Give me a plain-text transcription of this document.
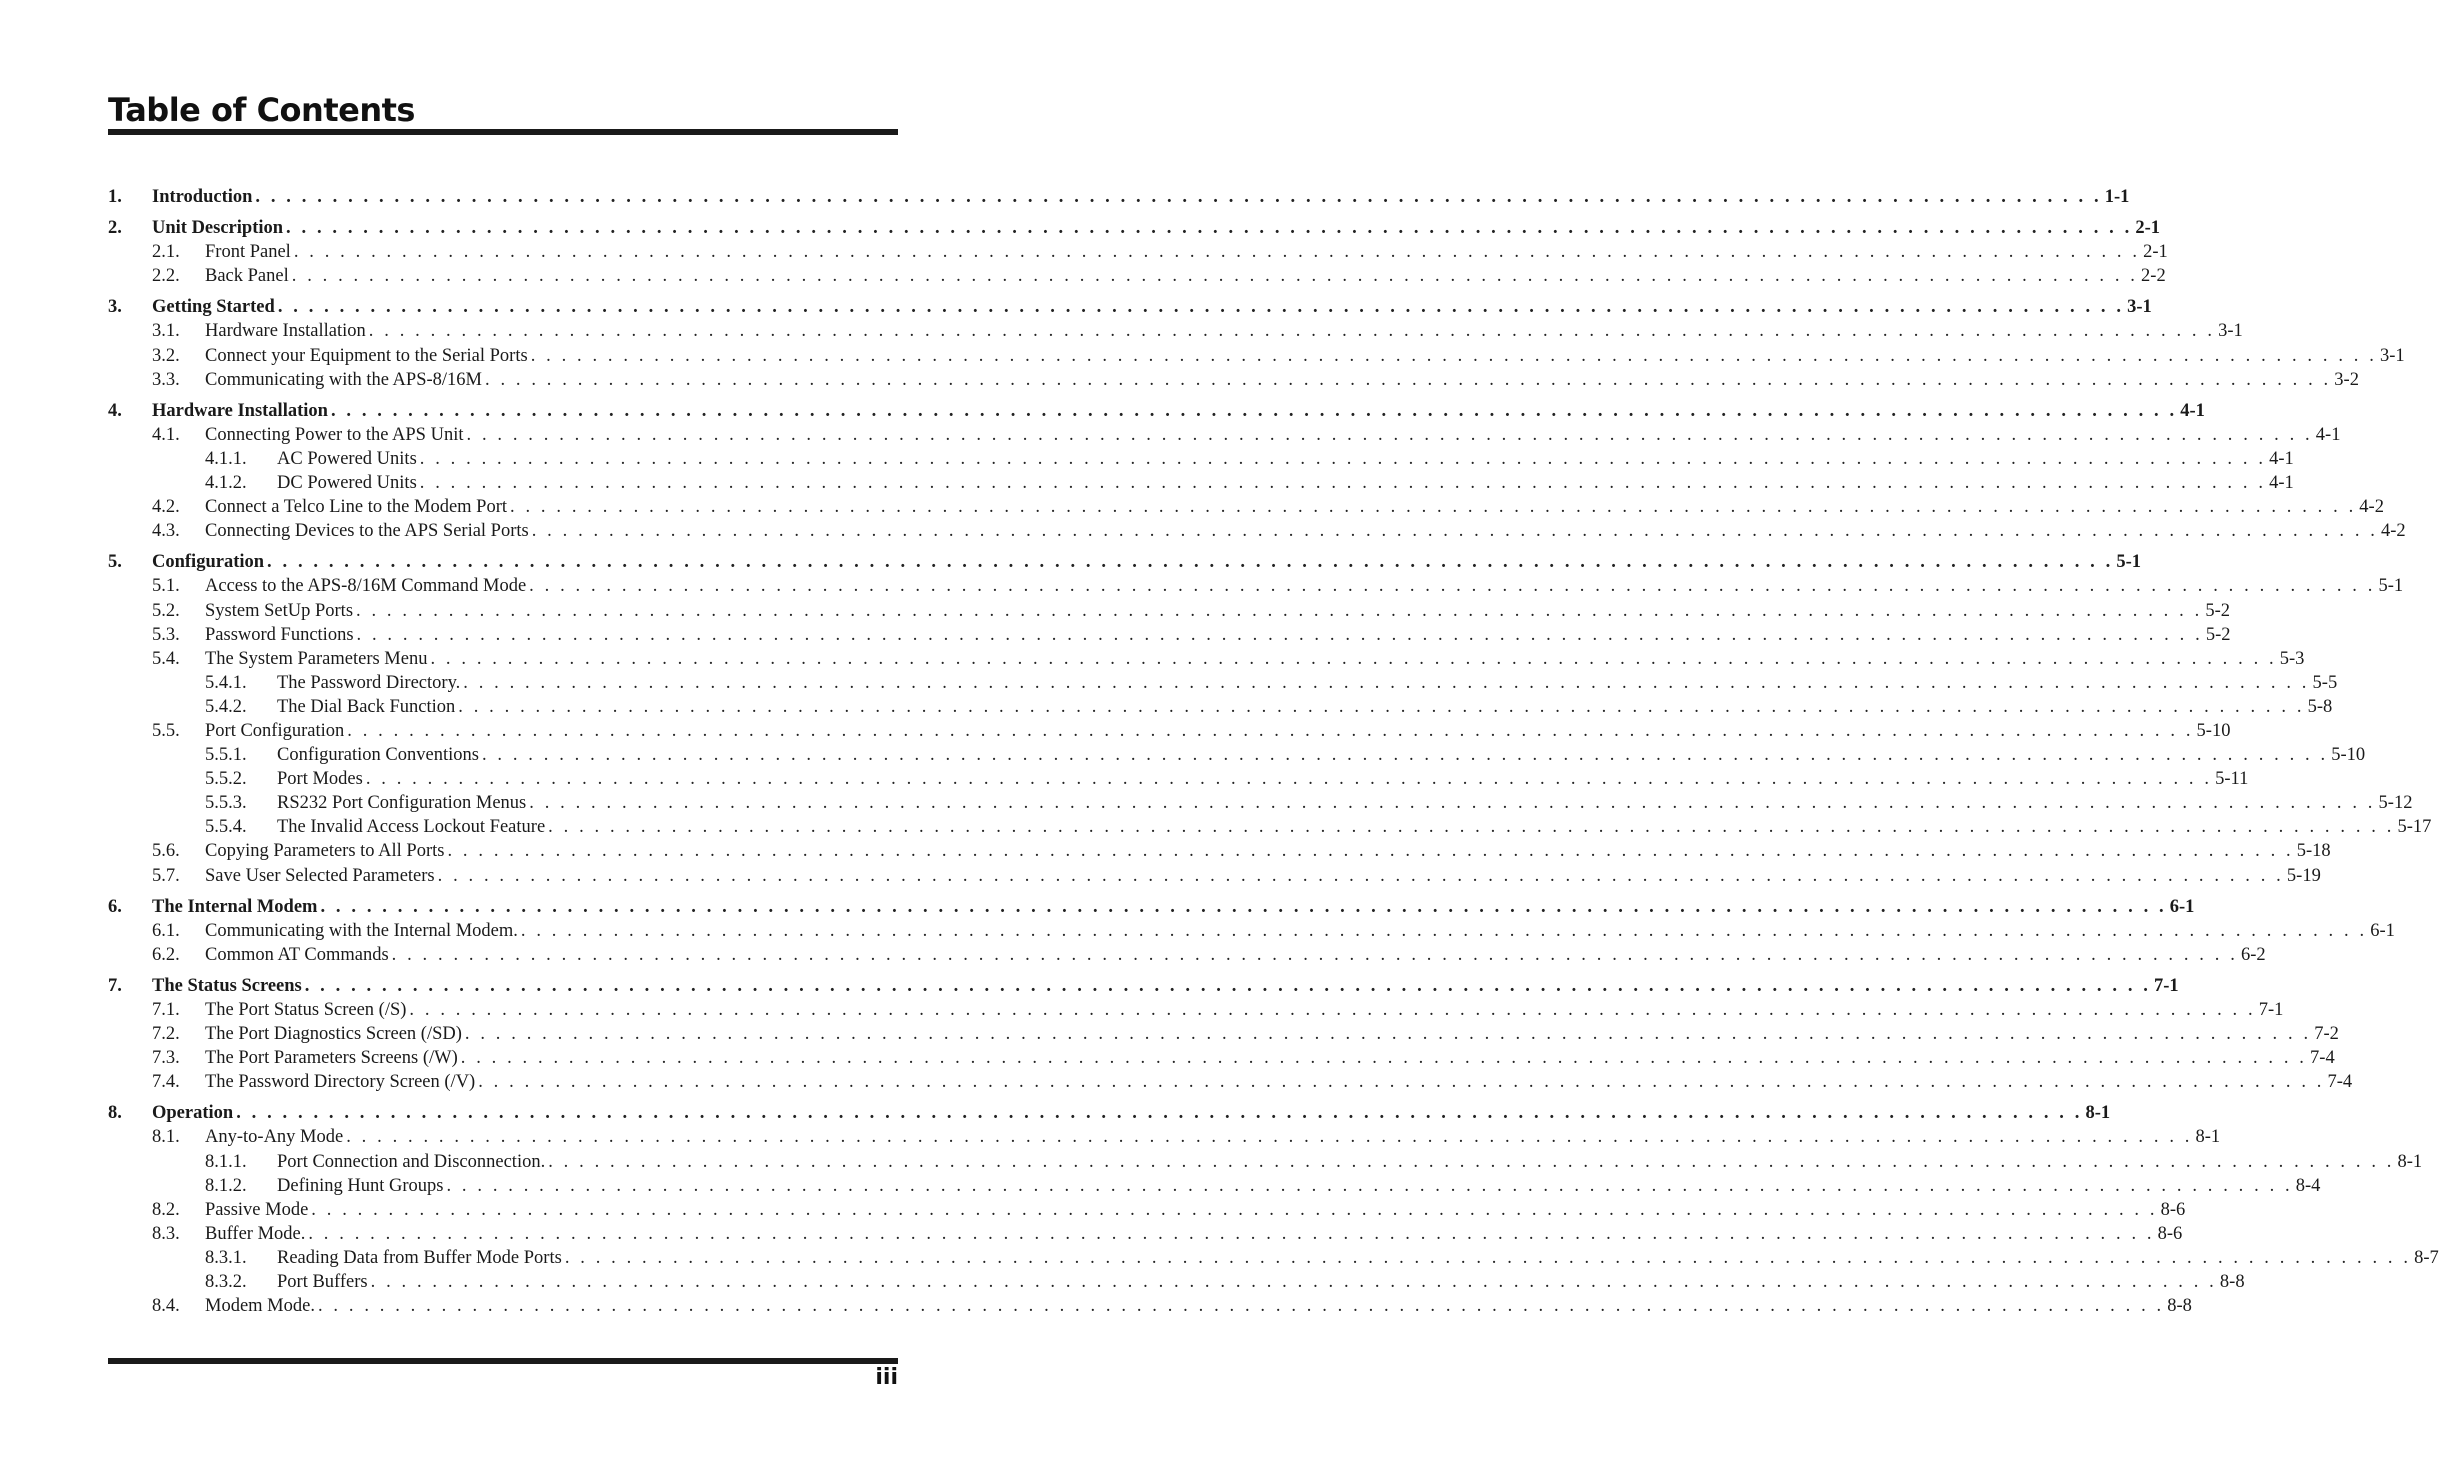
Table of Contents
1. Introduction . . . . . . . . . . . . . . . . . . . . . . . . . . . . . . . . . . . . . . . . . . . . . . . . . . . . . . . . . . . . . . . . . . . . . . . . . . . . . . . . . . . . . . . . . . . . . . . . . . . . . . . . . . . . . . . . . . . . . . . . 1-1
2. Unit Description . . . . . . . . . . . . . . . . . . . . . . . . . . . . . . . . . . . . . . . . . . . . . . . . . . . . . . . . . . . . . . . . . . . . . . . . . . . . . . . . . . . . . . . . . . . . . . . . . . . . . . . . . . . . . . . . . . . . . . . . 2-1
2.1. Front Panel . . . . . . . . . . . . . . . . . . . . . . . . . . . . . . . . . . . . . . . . . . . . . . . . . . . . . . . . . . . . . . . . . . . . . . . . . . . . . . . . . . . . . . . . . . . . . . . . . . . . . . . . . . . . . . . . . . . . . . . . 2-1
2.2. Back Panel . . . . . . . . . . . . . . . . . . . . . . . . . . . . . . . . . . . . . . . . . . . . . . . . . . . . . . . . . . . . . . . . . . . . . . . . . . . . . . . . . . . . . . . . . . . . . . . . . . . . . . . . . . . . . . . . . . . . . . . . 2-2
3. Getting Started . . . . . . . . . . . . . . . . . . . . . . . . . . . . . . . . . . . . . . . . . . . . . . . . . . . . . . . . . . . . . . . . . . . . . . . . . . . . . . . . . . . . . . . . . . . . . . . . . . . . . . . . . . . . . . . . . . . . . . . . 3-1
3.1. Hardware Installation . . . . . . . . . . . . . . . . . . . . . . . . . . . . . . . . . . . . . . . . . . . . . . . . . . . . . . . . . . . . . . . . . . . . . . . . . . . . . . . . . . . . . . . . . . . . . . . . . . . . . . . . . . . . . . . . . . . . . . . . 3-1
3.2. Connect your Equipment to the Serial Ports . . . . . . . . . . . . . . . . . . . . . . . . . . . . . . . . . . . . . . . . . . . . . . . . . . . . . . . . . . . . . . . . . . . . . . . . . . . . . . . . . . . . . . . . . . . . . . . . . . . . . . . . . . . . . . . . . . . . . . . . 3-1
3.3. Communicating with the APS-8/16M . . . . . . . . . . . . . . . . . . . . . . . . . . . . . . . . . . . . . . . . . . . . . . . . . . . . . . . . . . . . . . . . . . . . . . . . . . . . . . . . . . . . . . . . . . . . . . . . . . . . . . . . . . . . . . . . . . . . . . . . 3-2
4. Hardware Installation . . . . . . . . . . . . . . . . . . . . . . . . . . . . . . . . . . . . . . . . . . . . . . . . . . . . . . . . . . . . . . . . . . . . . . . . . . . . . . . . . . . . . . . . . . . . . . . . . . . . . . . . . . . . . . . . . . . . . . . . 4-1
4.1. Connecting Power to the APS Unit . . . . . . . . . . . . . . . . . . . . . . . . . . . . . . . . . . . . . . . . . . . . . . . . . . . . . . . . . . . . . . . . . . . . . . . . . . . . . . . . . . . . . . . . . . . . . . . . . . . . . . . . . . . . . . . . . . . . . . . . 4-1
4.1.1. AC Powered Units . . . . . . . . . . . . . . . . . . . . . . . . . . . . . . . . . . . . . . . . . . . . . . . . . . . . . . . . . . . . . . . . . . . . . . . . . . . . . . . . . . . . . . . . . . . . . . . . . . . . . . . . . . . . . . . . . . . . . . . . 4-1
4.1.2. DC Powered Units . . . . . . . . . . . . . . . . . . . . . . . . . . . . . . . . . . . . . . . . . . . . . . . . . . . . . . . . . . . . . . . . . . . . . . . . . . . . . . . . . . . . . . . . . . . . . . . . . . . . . . . . . . . . . . . . . . . . . . . . 4-1
4.2. Connect a Telco Line to the Modem Port . . . . . . . . . . . . . . . . . . . . . . . . . . . . . . . . . . . . . . . . . . . . . . . . . . . . . . . . . . . . . . . . . . . . . . . . . . . . . . . . . . . . . . . . . . . . . . . . . . . . . . . . . . . . . . . . . . . . . . . . 4-2
4.3. Connecting Devices to the APS Serial Ports . . . . . . . . . . . . . . . . . . . . . . . . . . . . . . . . . . . . . . . . . . . . . . . . . . . . . . . . . . . . . . . . . . . . . . . . . . . . . . . . . . . . . . . . . . . . . . . . . . . . . . . . . . . . . . . . . . . . . . . . 4-2
5. Configuration . . . . . . . . . . . . . . . . . . . . . . . . . . . . . . . . . . . . . . . . . . . . . . . . . . . . . . . . . . . . . . . . . . . . . . . . . . . . . . . . . . . . . . . . . . . . . . . . . . . . . . . . . . . . . . . . . . . . . . . . 5-1
5.1. Access to the APS-8/16M Command Mode . . . . . . . . . . . . . . . . . . . . . . . . . . . . . . . . . . . . . . . . . . . . . . . . . . . . . . . . . . . . . . . . . . . . . . . . . . . . . . . . . . . . . . . . . . . . . . . . . . . . . . . . . . . . . . . . . . . . . . . . 5-1
5.2. System SetUp Ports . . . . . . . . . . . . . . . . . . . . . . . . . . . . . . . . . . . . . . . . . . . . . . . . . . . . . . . . . . . . . . . . . . . . . . . . . . . . . . . . . . . . . . . . . . . . . . . . . . . . . . . . . . . . . . . . . . . . . . . . 5-2
5.3. Password Functions . . . . . . . . . . . . . . . . . . . . . . . . . . . . . . . . . . . . . . . . . . . . . . . . . . . . . . . . . . . . . . . . . . . . . . . . . . . . . . . . . . . . . . . . . . . . . . . . . . . . . . . . . . . . . . . . . . . . . . . . 5-2
5.4. The System Parameters Menu . . . . . . . . . . . . . . . . . . . . . . . . . . . . . . . . . . . . . . . . . . . . . . . . . . . . . . . . . . . . . . . . . . . . . . . . . . . . . . . . . . . . . . . . . . . . . . . . . . . . . . . . . . . . . . . . . . . . . . . . 5-3
5.4.1. The Password Directory. . . . . . . . . . . . . . . . . . . . . . . . . . . . . . . . . . . . . . . . . . . . . . . . . . . . . . . . . . . . . . . . . . . . . . . . . . . . . . . . . . . . . . . . . . . . . . . . . . . . . . . . . . . . . . . . . . . . . . . . . 5-5
5.4.2. The Dial Back Function . . . . . . . . . . . . . . . . . . . . . . . . . . . . . . . . . . . . . . . . . . . . . . . . . . . . . . . . . . . . . . . . . . . . . . . . . . . . . . . . . . . . . . . . . . . . . . . . . . . . . . . . . . . . . . . . . . . . . . . . 5-8
5.5. Port Configuration . . . . . . . . . . . . . . . . . . . . . . . . . . . . . . . . . . . . . . . . . . . . . . . . . . . . . . . . . . . . . . . . . . . . . . . . . . . . . . . . . . . . . . . . . . . . . . . . . . . . . . . . . . . . . . . . . . . . . . . . 5-10
5.5.1. Configuration Conventions . . . . . . . . . . . . . . . . . . . . . . . . . . . . . . . . . . . . . . . . . . . . . . . . . . . . . . . . . . . . . . . . . . . . . . . . . . . . . . . . . . . . . . . . . . . . . . . . . . . . . . . . . . . . . . . . . . . . . . . . 5-10
5.5.2. Port Modes . . . . . . . . . . . . . . . . . . . . . . . . . . . . . . . . . . . . . . . . . . . . . . . . . . . . . . . . . . . . . . . . . . . . . . . . . . . . . . . . . . . . . . . . . . . . . . . . . . . . . . . . . . . . . . . . . . . . . . . . 5-11
5.5.3. RS232 Port Configuration Menus . . . . . . . . . . . . . . . . . . . . . . . . . . . . . . . . . . . . . . . . . . . . . . . . . . . . . . . . . . . . . . . . . . . . . . . . . . . . . . . . . . . . . . . . . . . . . . . . . . . . . . . . . . . . . . . . . . . . . . . . 5-12
5.5.4. The Invalid Access Lockout Feature . . . . . . . . . . . . . . . . . . . . . . . . . . . . . . . . . . . . . . . . . . . . . . . . . . . . . . . . . . . . . . . . . . . . . . . . . . . . . . . . . . . . . . . . . . . . . . . . . . . . . . . . . . . . . . . . . . . . . . . . 5-17
5.6. Copying Parameters to All Ports . . . . . . . . . . . . . . . . . . . . . . . . . . . . . . . . . . . . . . . . . . . . . . . . . . . . . . . . . . . . . . . . . . . . . . . . . . . . . . . . . . . . . . . . . . . . . . . . . . . . . . . . . . . . . . . . . . . . . . . . 5-18
5.7. Save User Selected Parameters . . . . . . . . . . . . . . . . . . . . . . . . . . . . . . . . . . . . . . . . . . . . . . . . . . . . . . . . . . . . . . . . . . . . . . . . . . . . . . . . . . . . . . . . . . . . . . . . . . . . . . . . . . . . . . . . . . . . . . . . 5-19
6. The Internal Modem . . . . . . . . . . . . . . . . . . . . . . . . . . . . . . . . . . . . . . . . . . . . . . . . . . . . . . . . . . . . . . . . . . . . . . . . . . . . . . . . . . . . . . . . . . . . . . . . . . . . . . . . . . . . . . . . . . . . . . . . 6-1
6.1. Communicating with the Internal Modem. . . . . . . . . . . . . . . . . . . . . . . . . . . . . . . . . . . . . . . . . . . . . . . . . . . . . . . . . . . . . . . . . . . . . . . . . . . . . . . . . . . . . . . . . . . . . . . . . . . . . . . . . . . . . . . . . . . . . . . . . 6-1
6.2. Common AT Commands . . . . . . . . . . . . . . . . . . . . . . . . . . . . . . . . . . . . . . . . . . . . . . . . . . . . . . . . . . . . . . . . . . . . . . . . . . . . . . . . . . . . . . . . . . . . . . . . . . . . . . . . . . . . . . . . . . . . . . . . 6-2
7. The Status Screens . . . . . . . . . . . . . . . . . . . . . . . . . . . . . . . . . . . . . . . . . . . . . . . . . . . . . . . . . . . . . . . . . . . . . . . . . . . . . . . . . . . . . . . . . . . . . . . . . . . . . . . . . . . . . . . . . . . . . . . . 7-1
7.1. The Port Status Screen (/S) . . . . . . . . . . . . . . . . . . . . . . . . . . . . . . . . . . . . . . . . . . . . . . . . . . . . . . . . . . . . . . . . . . . . . . . . . . . . . . . . . . . . . . . . . . . . . . . . . . . . . . . . . . . . . . . . . . . . . . . . 7-1
7.2. The Port Diagnostics Screen (/SD) . . . . . . . . . . . . . . . . . . . . . . . . . . . . . . . . . . . . . . . . . . . . . . . . . . . . . . . . . . . . . . . . . . . . . . . . . . . . . . . . . . . . . . . . . . . . . . . . . . . . . . . . . . . . . . . . . . . . . . . . 7-2
7.3. The Port Parameters Screens (/W) . . . . . . . . . . . . . . . . . . . . . . . . . . . . . . . . . . . . . . . . . . . . . . . . . . . . . . . . . . . . . . . . . . . . . . . . . . . . . . . . . . . . . . . . . . . . . . . . . . . . . . . . . . . . . . . . . . . . . . . . 7-4
7.4. The Password Directory Screen (/V) . . . . . . . . . . . . . . . . . . . . . . . . . . . . . . . . . . . . . . . . . . . . . . . . . . . . . . . . . . . . . . . . . . . . . . . . . . . . . . . . . . . . . . . . . . . . . . . . . . . . . . . . . . . . . . . . . . . . . . . . 7-4
8. Operation . . . . . . . . . . . . . . . . . . . . . . . . . . . . . . . . . . . . . . . . . . . . . . . . . . . . . . . . . . . . . . . . . . . . . . . . . . . . . . . . . . . . . . . . . . . . . . . . . . . . . . . . . . . . . . . . . . . . . . . . 8-1
8.1. Any-to-Any Mode . . . . . . . . . . . . . . . . . . . . . . . . . . . . . . . . . . . . . . . . . . . . . . . . . . . . . . . . . . . . . . . . . . . . . . . . . . . . . . . . . . . . . . . . . . . . . . . . . . . . . . . . . . . . . . . . . . . . . . . . 8-1
8.1.1. Port Connection and Disconnection. . . . . . . . . . . . . . . . . . . . . . . . . . . . . . . . . . . . . . . . . . . . . . . . . . . . . . . . . . . . . . . . . . . . . . . . . . . . . . . . . . . . . . . . . . . . . . . . . . . . . . . . . . . . . . . . . . . . . . . . . 8-1
8.1.2. Defining Hunt Groups . . . . . . . . . . . . . . . . . . . . . . . . . . . . . . . . . . . . . . . . . . . . . . . . . . . . . . . . . . . . . . . . . . . . . . . . . . . . . . . . . . . . . . . . . . . . . . . . . . . . . . . . . . . . . . . . . . . . . . . . 8-4
8.2. Passive Mode . . . . . . . . . . . . . . . . . . . . . . . . . . . . . . . . . . . . . . . . . . . . . . . . . . . . . . . . . . . . . . . . . . . . . . . . . . . . . . . . . . . . . . . . . . . . . . . . . . . . . . . . . . . . . . . . . . . . . . . . 8-6
8.3. Buffer Mode. . . . . . . . . . . . . . . . . . . . . . . . . . . . . . . . . . . . . . . . . . . . . . . . . . . . . . . . . . . . . . . . . . . . . . . . . . . . . . . . . . . . . . . . . . . . . . . . . . . . . . . . . . . . . . . . . . . . . . . . . 8-6
8.3.1. Reading Data from Buffer Mode Ports . . . . . . . . . . . . . . . . . . . . . . . . . . . . . . . . . . . . . . . . . . . . . . . . . . . . . . . . . . . . . . . . . . . . . . . . . . . . . . . . . . . . . . . . . . . . . . . . . . . . . . . . . . . . . . . . . . . . . . . . 8-7
8.3.2. Port Buffers . . . . . . . . . . . . . . . . . . . . . . . . . . . . . . . . . . . . . . . . . . . . . . . . . . . . . . . . . . . . . . . . . . . . . . . . . . . . . . . . . . . . . . . . . . . . . . . . . . . . . . . . . . . . . . . . . . . . . . . . 8-8
8.4. Modem Mode. . . . . . . . . . . . . . . . . . . . . . . . . . . . . . . . . . . . . . . . . . . . . . . . . . . . . . . . . . . . . . . . . . . . . . . . . . . . . . . . . . . . . . . . . . . . . . . . . . . . . . . . . . . . . . . . . . . . . . . . . 8-8
iii
